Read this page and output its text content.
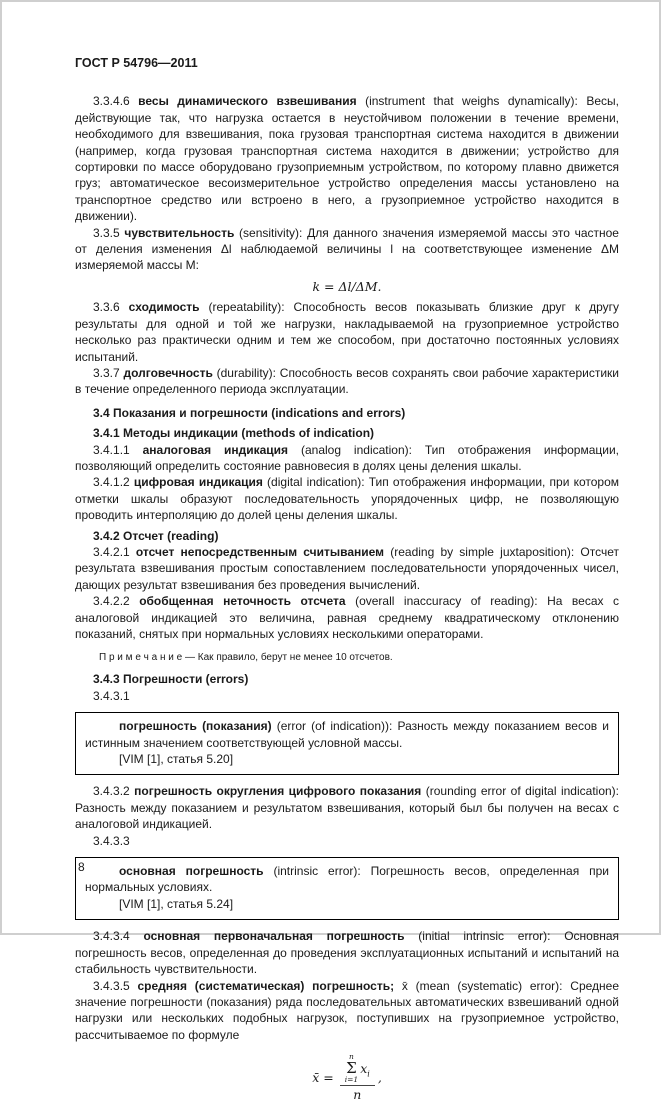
ГОСТ Р 54796—2011

3.3.4.6 весы динамического взвешивания (instrument that weighs dynamically): Весы, действующие так, что нагрузка остается в неустойчивом положении в течение времени, необходимого для взвешивания, пока грузовая транспортная система находится в движении (например, когда грузовая транспортная система находится в движении; устройство для сортировки по массе оборудовано грузоприемным устройством, по которому плавно движется груз; автоматическое весоизмерительное устройство определения массы установлено на транспортное средство или встроено в него, а грузоприемное устройство находится в движении).

3.3.5 чувствительность (sensitivity): Для данного значения измеряемой массы это частное от деления изменения Δl наблюдаемой величины l на соответствующее изменение ΔM измеряемой массы M:

k = Δl/ΔM.

3.3.6 сходимость (repeatability): Способность весов показывать близкие друг к другу результаты для одной и той же нагрузки, накладываемой на грузоприемное устройство несколько раз практически одним и тем же способом, при достаточно постоянных условиях испытаний.

3.3.7 долговечность (durability): Способность весов сохранять свои рабочие характеристики в течение определенного периода эксплуатации.

3.4 Показания и погрешности (indications and errors)

3.4.1 Методы индикации (methods of indication)

3.4.1.1 аналоговая индикация (analog indication): Тип отображения информации, позволяющий определить состояние равновесия в долях цены деления шкалы.

3.4.1.2 цифровая индикация (digital indication): Тип отображения информации, при котором отметки шкалы образуют последовательность упорядоченных цифр, не позволяющую проводить интерполяцию до долей цены деления шкалы.

3.4.2 Отсчет (reading)

3.4.2.1 отсчет непосредственным считыванием (reading by simple juxtaposition): Отсчет результата взвешивания простым сопоставлением последовательности упорядоченных чисел, дающих результат взвешивания без проведения вычислений.

3.4.2.2 обобщенная неточность отсчета (overall inaccuracy of reading): На весах с аналоговой индикацией это величина, равная среднему квадратическому отклонению показаний, снятых при нормальных условиях несколькими операторами.

П р и м е ч а н и е — Как правило, берут не менее 10 отсчетов.

3.4.3 Погрешности (errors)

3.4.3.1

погрешность (показания) (error (of indication)): Разность между показанием весов и истинным значением соответствующей условной массы.

[VIM [1], статья 5.20]

3.4.3.2 погрешность округления цифрового показания (rounding error of digital indication): Разность между показанием и результатом взвешивания, который был бы получен на весах с аналоговой индикацией.

3.4.3.3

основная погрешность (intrinsic error): Погрешность весов, определенная при нормальных условиях.

[VIM [1], статья 5.24]

3.4.3.4 основная первоначальная погрешность (initial intrinsic error): Основная погрешность весов, определенная до проведения эксплуатационных испытаний и испытаний на стабильность чувствительности.

3.4.3.5 средняя (систематическая) погрешность; x̄ (mean (systematic) error): Среднее значение погрешности (показания) ряда последовательных автоматических взвешиваний одной нагрузки или нескольких подобных нагрузок, поступивших на грузоприемное устройство, рассчитываемое по формуле

x̄
= n
Σ
i=1
$x_i$
n ,
8
